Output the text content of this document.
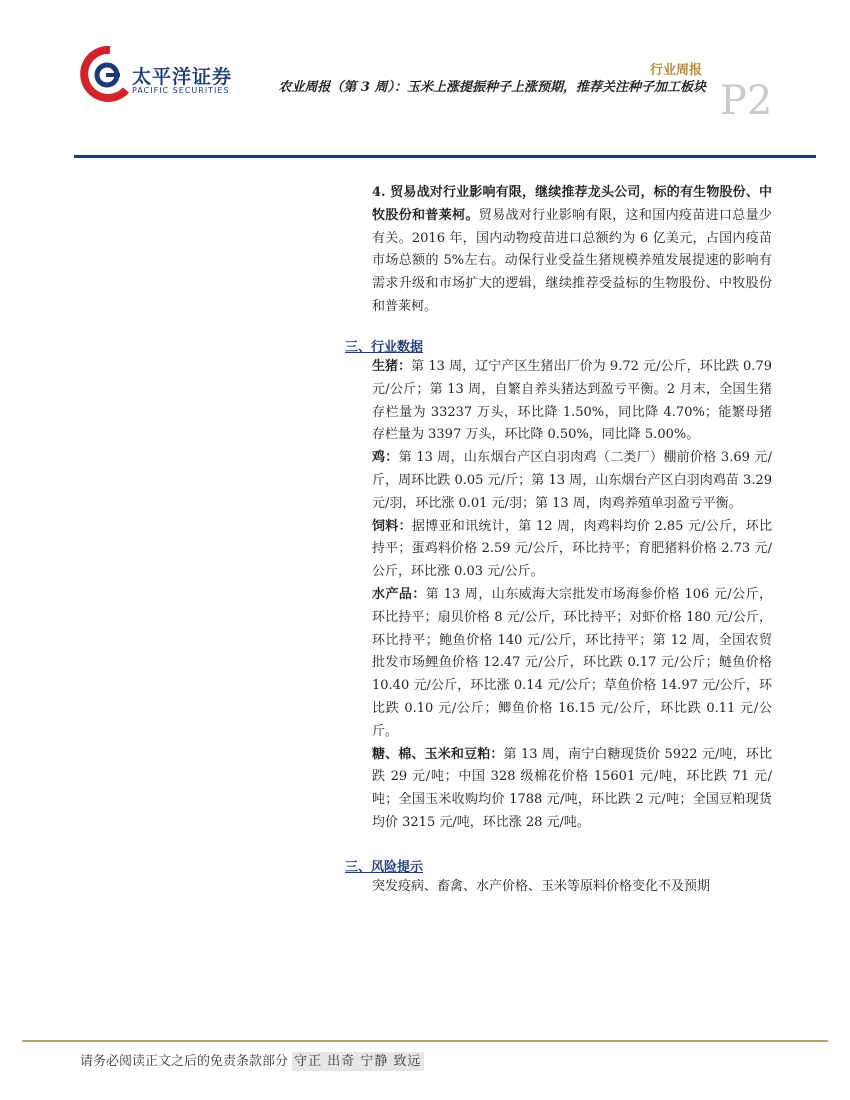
太平洋证券
PACIFIC SECURITIES
行业周报
农业周报（第 3 周）：玉米上涨提振种子上涨预期，推荐关注种子加工板块 P2

4. 贸易战对行业影响有限，继续推荐龙头公司，标的有生物股份、中牧股份和普莱柯。贸易战对行业影响有限，这和国内疫苗进口总量少有关。2016 年，国内动物疫苗进口总额约为 6 亿美元，占国内疫苗市场总额的 5%左右。动保行业受益生猪规模养殖发展提速的影响有需求升级和市场扩大的逻辑，继续推荐受益标的生物股份、中牧股份和普莱柯。

三、行业数据

生猪：第 13 周，辽宁产区生猪出厂价为 9.72 元/公斤，环比跌 0.79 元/公斤；第 13 周，自繁自养头猪达到盈亏平衡。2 月末，全国生猪存栏量为 33237 万头，环比降 1.50%，同比降 4.70%；能繁母猪存栏量为 3397 万头，环比降 0.50%，同比降 5.00%。

鸡：第 13 周，山东烟台产区白羽肉鸡（二类厂）棚前价格 3.69 元/斤，周环比跌 0.05 元/斤；第 13 周，山东烟台产区白羽肉鸡苗 3.29 元/羽，环比涨 0.01 元/羽；第 13 周，肉鸡养殖单羽盈亏平衡。

饲料：据博亚和讯统计，第 12 周，肉鸡料均价 2.85 元/公斤，环比持平；蛋鸡料价格 2.59 元/公斤，环比持平；育肥猪料价格 2.73 元/公斤，环比涨 0.03 元/公斤。

水产品：第 13 周，山东威海大宗批发市场海参价格 106 元/公斤，环比持平；扇贝价格 8 元/公斤，环比持平；对虾价格 180 元/公斤，环比持平；鲍鱼价格 140 元/公斤，环比持平；第 12 周，全国农贸批发市场鲤鱼价格 12.47 元/公斤，环比跌 0.17 元/公斤；鲢鱼价格 10.40 元/公斤，环比涨 0.14 元/公斤；草鱼价格 14.97 元/公斤，环比跌 0.10 元/公斤；鲫鱼价格 16.15 元/公斤，环比跌 0.11 元/公斤。

糖、棉、玉米和豆粕：第 13 周，南宁白糖现货价 5922 元/吨，环比跌 29 元/吨；中国 328 级棉花价格 15601 元/吨，环比跌 71 元/吨；全国玉米收购均价 1788 元/吨，环比跌 2 元/吨；全国豆粕现货均价 3215 元/吨，环比涨 28 元/吨。

三、风险提示

突发疫病、畜禽、水产价格、玉米等原料价格变化不及预期

请务必阅读正文之后的免责条款部分 守正 出奇 宁静 致远
